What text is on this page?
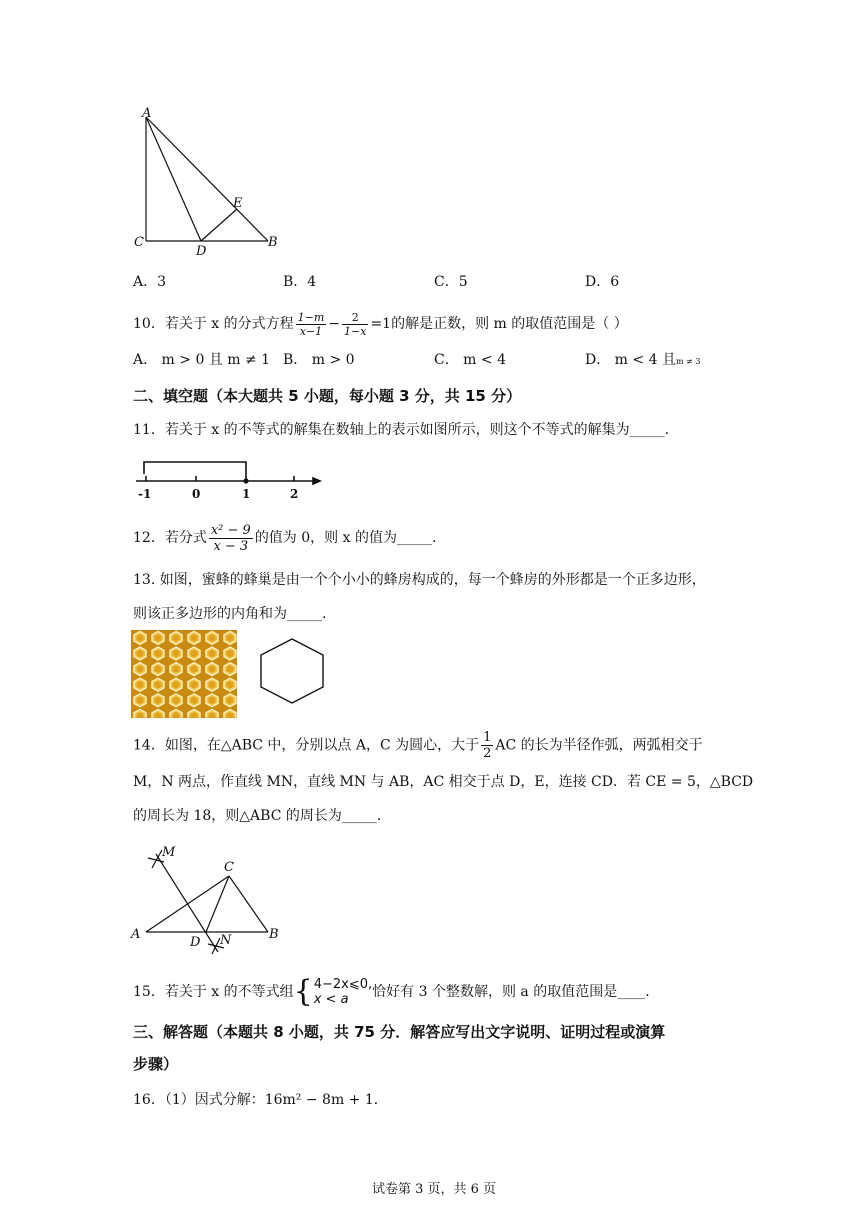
A
E
C
D
B
A．3	B．4	C．5	D．6
10．若关于 x 的分式方程 $\frac{1-m}{x-1} - \frac{2}{1-x} =1$的解是正数，则 m 的取值范围是（ ）
A． m > 0 且 m ≠ 1 B． m > 0	C． m < 4	D． m < 4 且m ≠ 3
二、填空题（本大题共 5 小题，每小题 3 分，共 15 分）
11．若关于 x 的不等式的解集在数轴上的表示如图所示，则这个不等式的解集为_____.
-1	0	1	2
12．若分式 $\frac{\text{x² − 9}}{x - 3}$ 的值为 0，则 x 的值为_____.
13. 如图，蜜蜂的蜂巢是由一个个小小的蜂房构成的，每一个蜂房的外形都是一个正多边形，
则该正多边形的内角和为_____.
14．如图，在△ABC 中，分别以点 A，C 为圆心，大于 $\frac{1}{2}$ AC 的长为半径作弧，两弧相交于
M，N 两点，作直线 MN，直线 MN 与 AB，AC 相交于点 D，E，连接 CD．若 CE = 5，△BCD
的周长为 18，则△ABC 的周长为_____.
M
C
A
D N	B
15．若关于 x 的不等式组{ 4−2x⩽0,
x < a	恰好有 3 个整数解，则 a 的取值范围是____.
三、解答题（本题共 8 小题，共 75 分．解答应写出文字说明、证明过程或演算
步骤）
16．（1）因式分解：16m² − 8m + 1．
试卷第 3 页，共 6 页
